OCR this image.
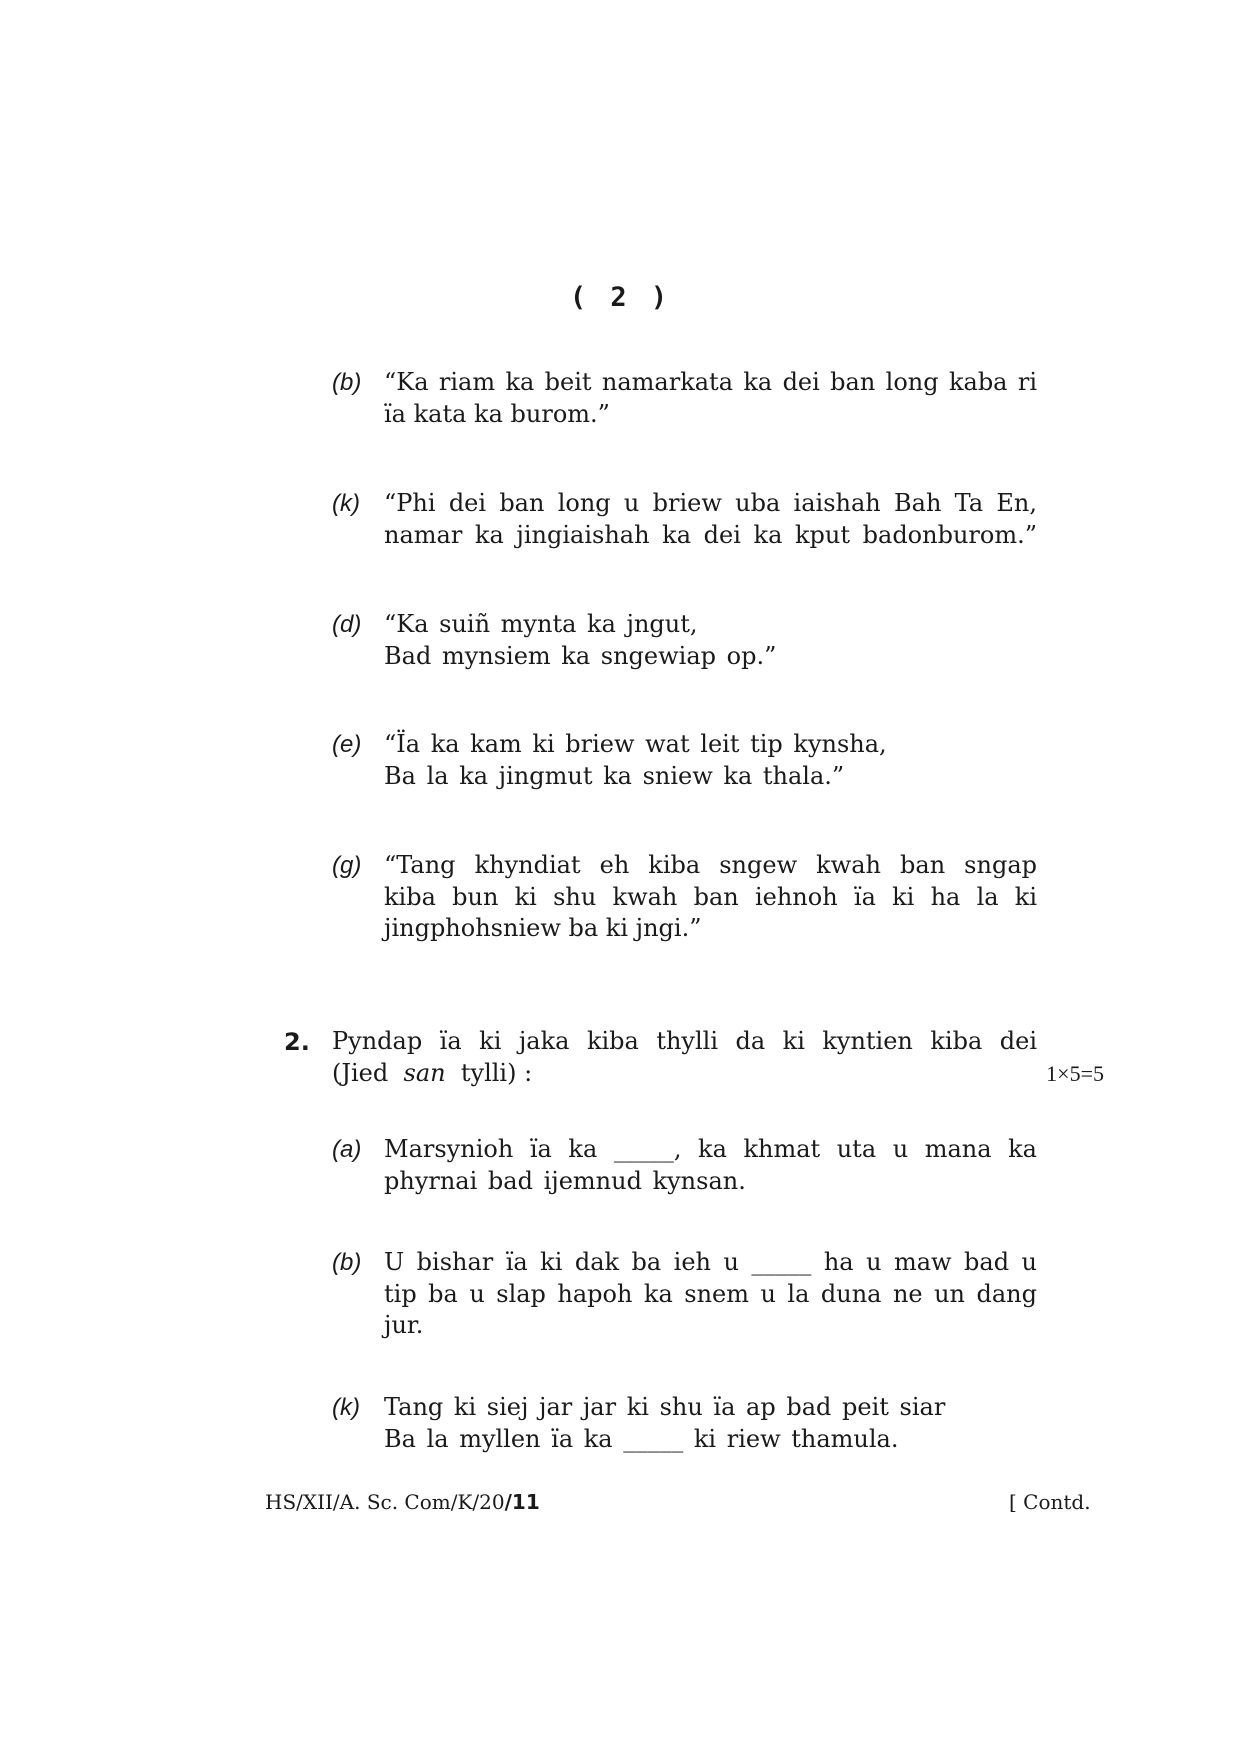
( 2 )
(b) “Ka riam ka beit namarkata ka dei ban long kaba ri
ïa kata ka burom.”
(k) “Phi dei ban long u briew uba iaishah Bah Ta En,
namar ka jingiaishah ka dei ka kput badonburom.”
(d) “Ka suiñ mynta ka jngut,
Bad mynsiem ka sngewiap op.”
(e) “Ïa ka kam ki briew wat leit tip kynsha,
Ba la ka jingmut ka sniew ka thala.”
(g) “Tang khyndiat eh kiba sngew kwah ban sngap
kiba bun ki shu kwah ban iehnoh ïa ki ha la ki
jingphohsniew ba ki jngi.”
2. Pyndap ïa ki jaka kiba thylli da ki kyntien kiba dei
(Jied san tylli) :	1×5=5
(a) Marsynioh ïa ka _____, ka khmat uta u mana ka
phyrnai bad ijemnud kynsan.
(b) U bishar ïa ki dak ba ieh u _____ ha u maw bad u
tip ba u slap hapoh ka snem u la duna ne un dang
jur.
(k) Tang ki siej jar jar ki shu ïa ap bad peit siar
Ba la myllen ïa ka _____ ki riew thamula.
HS/XII/A. Sc. Com/K/20/11	[ Contd.
